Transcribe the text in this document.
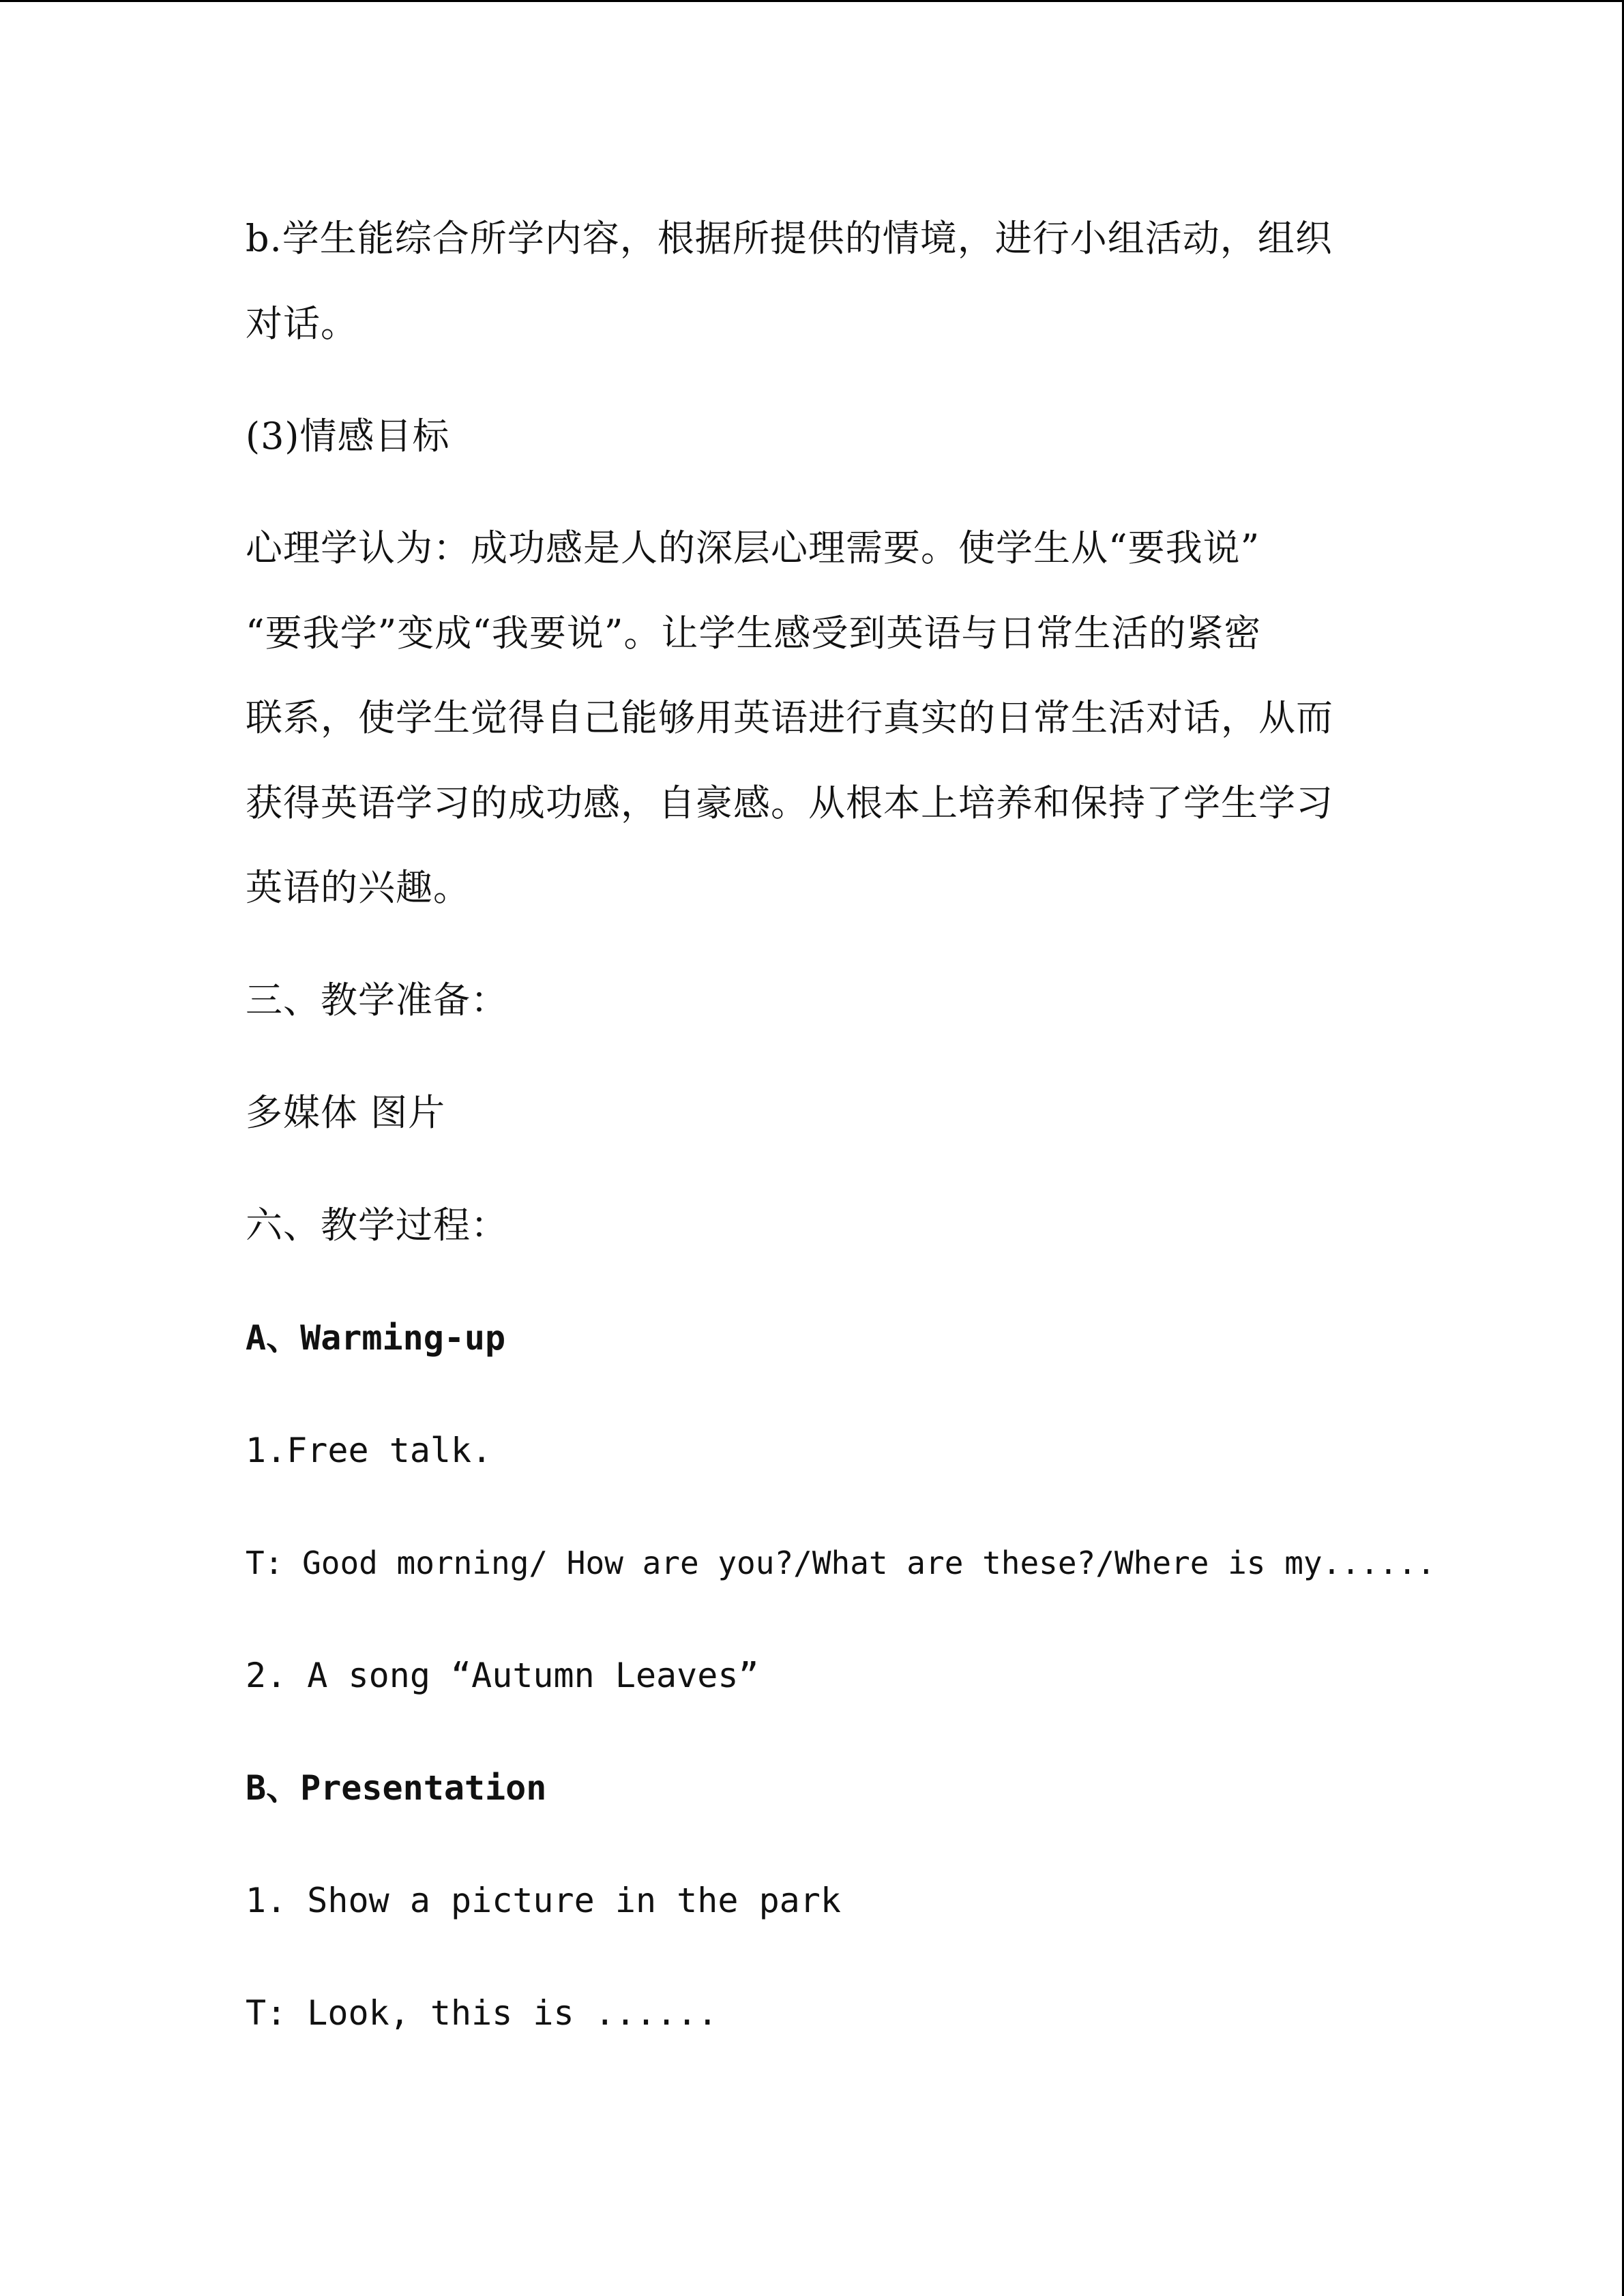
b.学生能综合所学内容，根据所提供的情境，进行小组活动，组织
对话。
(3)情感目标
心理学认为：成功感是人的深层心理需要。使学生从“要我说”
“要我学”变成“我要说”。让学生感受到英语与日常生活的紧密
联系，使学生觉得自己能够用英语进行真实的日常生活对话，从而
获得英语学习的成功感，自豪感。从根本上培养和保持了学生学习
英语的兴趣。
三、教学准备：
多媒体 图片
六、教学过程：
A、Warming-up
1.Free talk.
T: Good morning/ How are you?/What are these?/Where is my......
2. A song “Autumn Leaves”
B、Presentation
1. Show a picture in the park
T: Look, this is ......
